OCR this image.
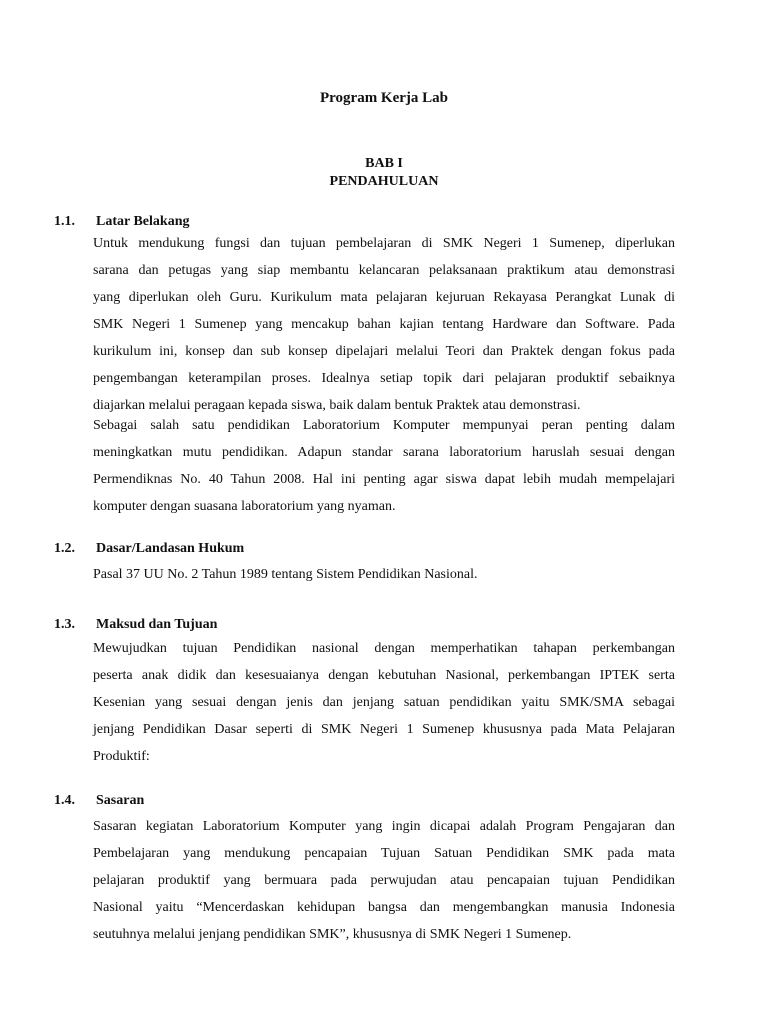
Program Kerja Lab
BAB I
PENDAHULUAN
1.1. Latar Belakang
Untuk mendukung fungsi dan tujuan pembelajaran di SMK Negeri 1 Sumenep, diperlukan
sarana dan petugas yang siap membantu kelancaran pelaksanaan praktikum atau demonstrasi
yang diperlukan oleh Guru. Kurikulum mata pelajaran kejuruan Rekayasa Perangkat Lunak di
SMK Negeri 1 Sumenep yang mencakup bahan kajian tentang Hardware dan Software. Pada
kurikulum ini, konsep dan sub konsep dipelajari melalui Teori dan Praktek dengan fokus pada
pengembangan keterampilan proses. Idealnya setiap topik dari pelajaran produktif sebaiknya
diajarkan melalui peragaan kepada siswa, baik dalam bentuk Praktek atau demonstrasi.
Sebagai salah satu pendidikan Laboratorium Komputer mempunyai peran penting dalam
meningkatkan mutu pendidikan. Adapun standar sarana laboratorium haruslah sesuai dengan
Permendiknas No. 40 Tahun 2008. Hal ini penting agar siswa dapat lebih mudah mempelajari
komputer dengan suasana laboratorium yang nyaman.
1.2. Dasar/Landasan Hukum
Pasal 37 UU No. 2 Tahun 1989 tentang Sistem Pendidikan Nasional.
1.3. Maksud dan Tujuan
Mewujudkan tujuan Pendidikan nasional dengan memperhatikan tahapan perkembangan
peserta anak didik dan kesesuaianya dengan kebutuhan Nasional, perkembangan IPTEK serta
Kesenian yang sesuai dengan jenis dan jenjang satuan pendidikan yaitu SMK/SMA sebagai
jenjang Pendidikan Dasar seperti di SMK Negeri 1 Sumenep khususnya pada Mata Pelajaran
Produktif:
1.4. Sasaran
Sasaran kegiatan Laboratorium Komputer yang ingin dicapai adalah Program Pengajaran dan
Pembelajaran yang mendukung pencapaian Tujuan Satuan Pendidikan SMK pada mata
pelajaran produktif yang bermuara pada perwujudan atau pencapaian tujuan Pendidikan
Nasional yaitu “Mencerdaskan kehidupan bangsa dan mengembangkan manusia Indonesia
seutuhnya melalui jenjang pendidikan SMK”, khususnya di SMK Negeri 1 Sumenep.
